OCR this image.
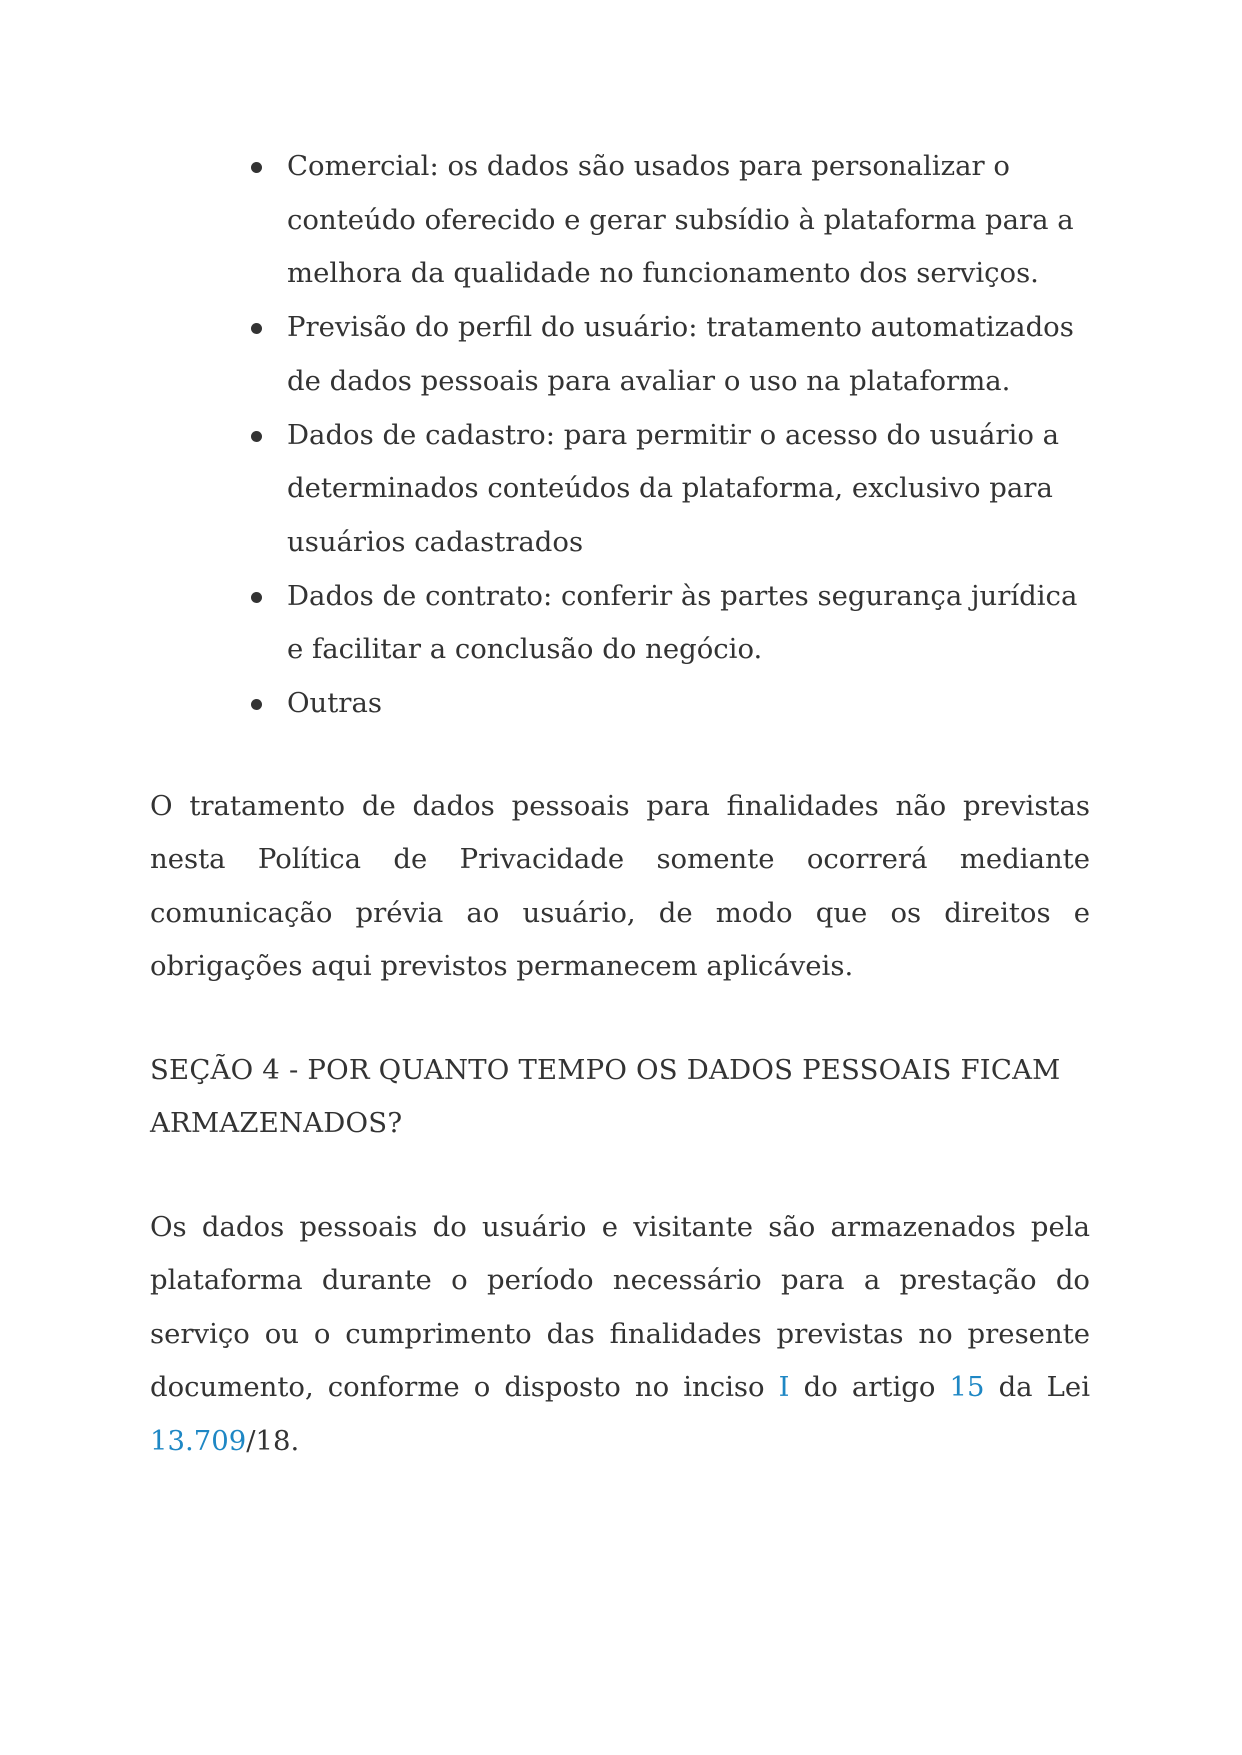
Comercial: os dados são usados para personalizar o conteúdo oferecido e gerar subsídio à plataforma para a melhora da qualidade no funcionamento dos serviços.
Previsão do perfil do usuário: tratamento automatizados de dados pessoais para avaliar o uso na plataforma.
Dados de cadastro: para permitir o acesso do usuário a determinados conteúdos da plataforma, exclusivo para usuários cadastrados
Dados de contrato: conferir às partes segurança jurídica e facilitar a conclusão do negócio.
Outras

O tratamento de dados pessoais para finalidades não previstas nesta Política de Privacidade somente ocorrerá mediante comunicação prévia ao usuário, de modo que os direitos e obrigações aqui previstos permanecem aplicáveis.

SEÇÃO 4 - POR QUANTO TEMPO OS DADOS PESSOAIS FICAM ARMAZENADOS?

Os dados pessoais do usuário e visitante são armazenados pela plataforma durante o período necessário para a prestação do serviço ou o cumprimento das finalidades previstas no presente documento, conforme o disposto no inciso I do artigo 15 da Lei 13.709/18.
